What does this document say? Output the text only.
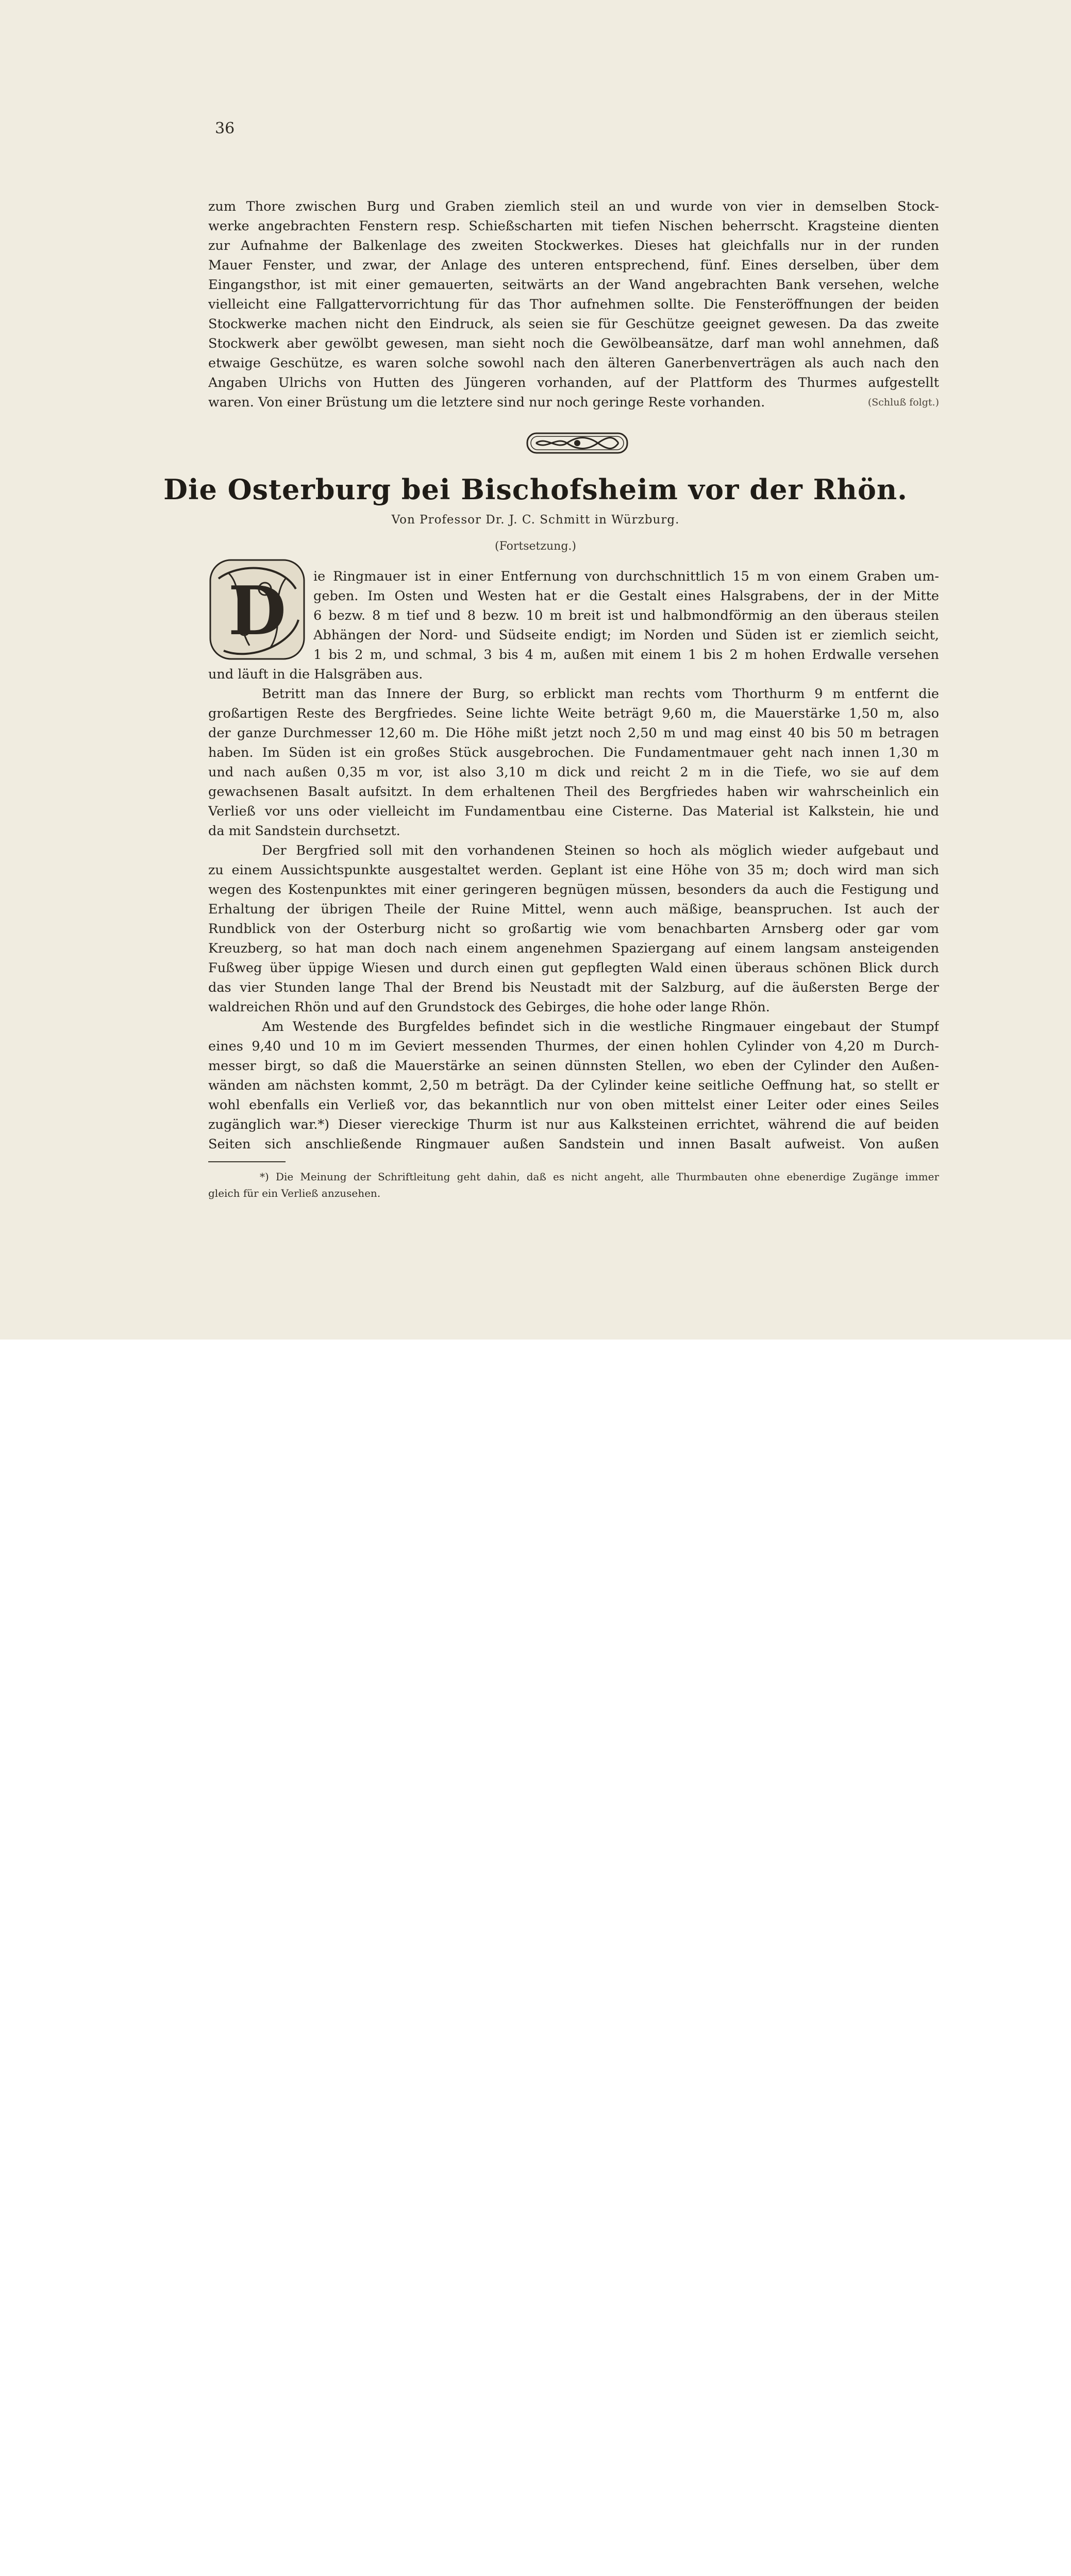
36
zum Thore zwischen Burg und Graben ziemlich steil an und wurde von vier in demselben Stock-
werke angebrachten Fenstern resp. Schießscharten mit tiefen Nischen beherrscht. Kragsteine dienten
zur Aufnahme der Balkenlage des zweiten Stockwerkes. Dieses hat gleichfalls nur in der runden
Mauer Fenster, und zwar, der Anlage des unteren entsprechend, fünf. Eines derselben, über dem
Eingangsthor, ist mit einer gemauerten, seitwärts an der Wand angebrachten Bank versehen, welche
vielleicht eine Fallgattervorrichtung für das Thor aufnehmen sollte. Die Fensteröffnungen der beiden
Stockwerke machen nicht den Eindruck, als seien sie für Geschütze geeignet gewesen. Da das zweite
Stockwerk aber gewölbt gewesen, man sieht noch die Gewölbeansätze, darf man wohl annehmen, daß
etwaige Geschütze, es waren solche sowohl nach den älteren Ganerbenverträgen als auch nach den
Angaben Ulrichs von Hutten des Jüngeren vorhanden, auf der Plattform des Thurmes aufgestellt
waren. Von einer Brüstung um die letztere sind nur noch geringe Reste vorhanden.	(Schluß folgt.)
Die Osterburg bei Bischofsheim vor der Rhön.
Von Professor Dr. J. C. Schmitt in Würzburg.
(Fortsetzung.)
D ie Ringmauer ist in einer Entfernung von durchschnittlich 15 m von einem Graben um-
geben. Im Osten und Westen hat er die Gestalt eines Halsgrabens, der in der Mitte
6 bezw. 8 m tief und 8 bezw. 10 m breit ist und halbmondförmig an den überaus steilen
Abhängen der Nord- und Südseite endigt; im Norden und Süden ist er ziemlich seicht,
1 bis 2 m, und schmal, 3 bis 4 m, außen mit einem 1 bis 2 m hohen Erdwalle versehen
und läuft in die Halsgräben aus.
Betritt man das Innere der Burg, so erblickt man rechts vom Thorthurm 9 m entfernt die
großartigen Reste des Bergfriedes. Seine lichte Weite beträgt 9,60 m, die Mauerstärke 1,50 m, also
der ganze Durchmesser 12,60 m. Die Höhe mißt jetzt noch 2,50 m und mag einst 40 bis 50 m betragen
haben. Im Süden ist ein großes Stück ausgebrochen. Die Fundamentmauer geht nach innen 1,30 m
und nach außen 0,35 m vor, ist also 3,10 m dick und reicht 2 m in die Tiefe, wo sie auf dem
gewachsenen Basalt aufsitzt. In dem erhaltenen Theil des Bergfriedes haben wir wahrscheinlich ein
Verließ vor uns oder vielleicht im Fundamentbau eine Cisterne. Das Material ist Kalkstein, hie und
da mit Sandstein durchsetzt.
Der Bergfried soll mit den vorhandenen Steinen so hoch als möglich wieder aufgebaut und
zu einem Aussichtspunkte ausgestaltet werden. Geplant ist eine Höhe von 35 m; doch wird man sich
wegen des Kostenpunktes mit einer geringeren begnügen müssen, besonders da auch die Festigung und
Erhaltung der übrigen Theile der Ruine Mittel, wenn auch mäßige, beanspruchen. Ist auch der
Rundblick von der Osterburg nicht so großartig wie vom benachbarten Arnsberg oder gar vom
Kreuzberg, so hat man doch nach einem angenehmen Spaziergang auf einem langsam ansteigenden
Fußweg über üppige Wiesen und durch einen gut gepflegten Wald einen überaus schönen Blick durch
das vier Stunden lange Thal der Brend bis Neustadt mit der Salzburg, auf die äußersten Berge der
waldreichen Rhön und auf den Grundstock des Gebirges, die hohe oder lange Rhön.
Am Westende des Burgfeldes befindet sich in die westliche Ringmauer eingebaut der Stumpf
eines 9,40 und 10 m im Geviert messenden Thurmes, der einen hohlen Cylinder von 4,20 m Durch-
messer birgt, so daß die Mauerstärke an seinen dünnsten Stellen, wo eben der Cylinder den Außen-
wänden am nächsten kommt, 2,50 m beträgt. Da der Cylinder keine seitliche Oeffnung hat, so stellt er
wohl ebenfalls ein Verließ vor, das bekanntlich nur von oben mittelst einer Leiter oder eines Seiles
zugänglich war.*) Dieser viereckige Thurm ist nur aus Kalksteinen errichtet, während die auf beiden
Seiten sich anschließende Ringmauer außen Sandstein und innen Basalt aufweist. Von außen
*) Die Meinung der Schriftleitung geht dahin, daß es nicht angeht, alle Thurmbauten ohne ebenerdige Zugänge immer
gleich für ein Verließ anzusehen.
